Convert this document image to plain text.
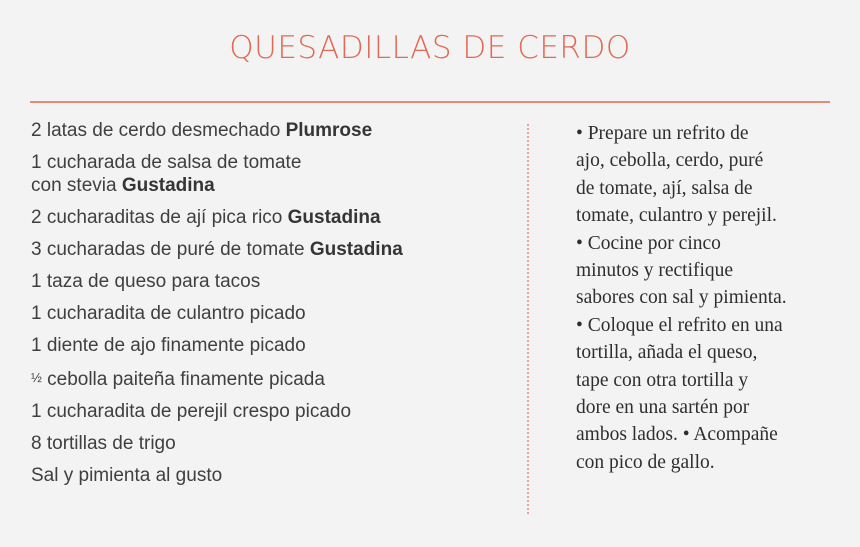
QUESADILLAS DE CERDO
2 latas de cerdo desmechado Plumrose
1 cucharada de salsa de tomate
con stevia Gustadina
2 cucharaditas de ají pica rico Gustadina
3 cucharadas de puré de tomate Gustadina
1 taza de queso para tacos
1 cucharadita de culantro picado
1 diente de ajo finamente picado
½ cebolla paiteña finamente picada
1 cucharadita de perejil crespo picado
8 tortillas de trigo
Sal y pimienta al gusto
• Prepare un refrito de
ajo, cebolla, cerdo, puré
de tomate, ají, salsa de
tomate, culantro y perejil.
• Cocine por cinco
minutos y rectifique
sabores con sal y pimienta.
• Coloque el refrito en una
tortilla, añada el queso,
tape con otra tortilla y
dore en una sartén por
ambos lados. • Acompañe
con pico de gallo.
